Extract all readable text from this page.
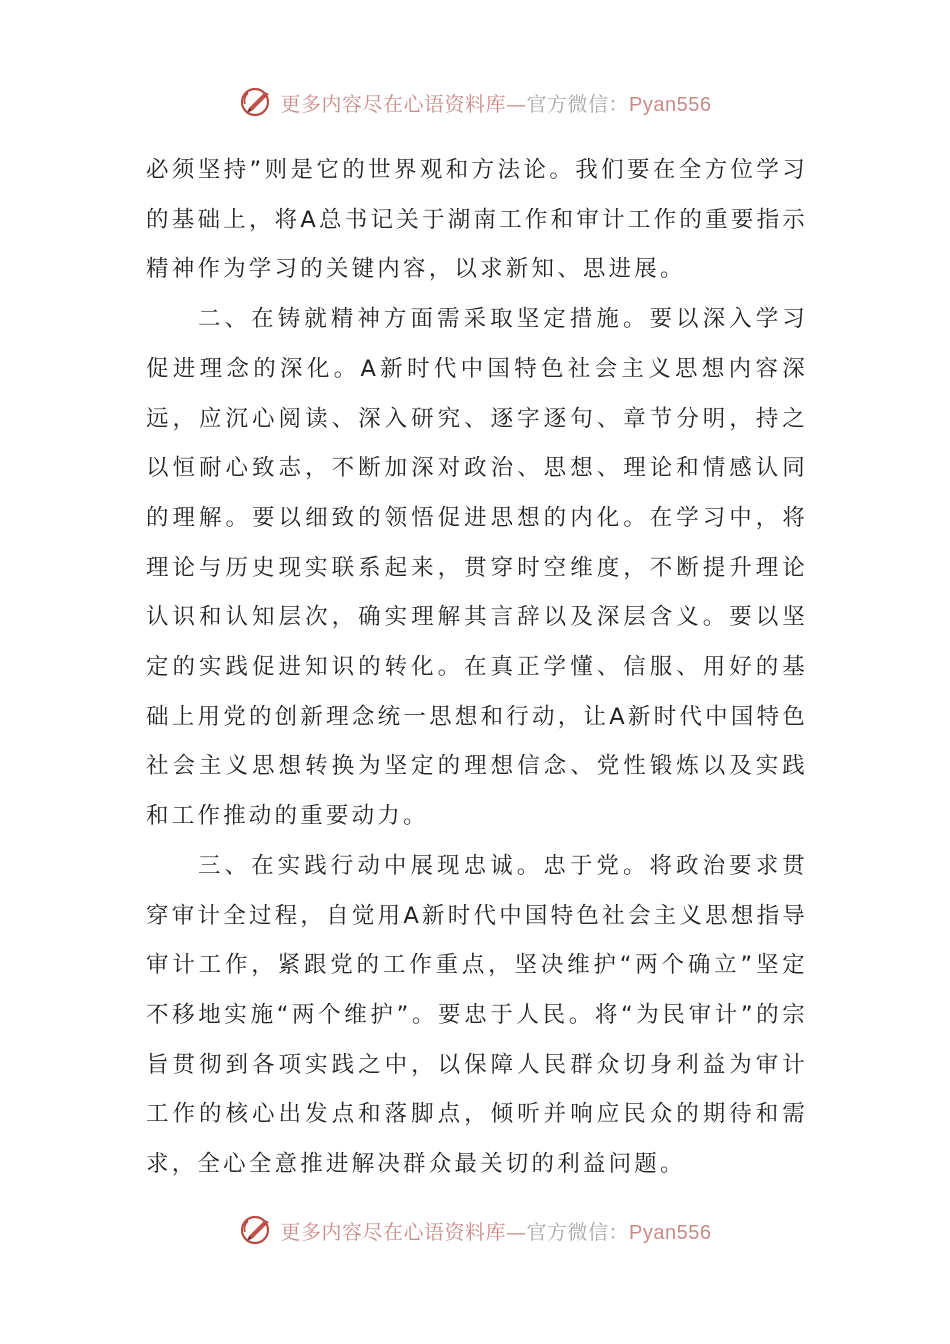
更多内容尽在心语资料库—官方微信：Pyan556

必须坚持”则是它的世界观和方法论。我们要在全方位学习的基础上，将A总书记关于湖南工作和审计工作的重要指示精神作为学习的关键内容，以求新知、思进展。

二、在铸就精神方面需采取坚定措施。要以深入学习促进理念的深化。A新时代中国特色社会主义思想内容深远，应沉心阅读、深入研究、逐字逐句、章节分明，持之以恒耐心致志，不断加深对政治、思想、理论和情感认同的理解。要以细致的领悟促进思想的内化。在学习中，将理论与历史现实联系起来，贯穿时空维度，不断提升理论认识和认知层次，确实理解其言辞以及深层含义。要以坚定的实践促进知识的转化。在真正学懂、信服、用好的基础上用党的创新理念统一思想和行动，让A新时代中国特色社会主义思想转换为坚定的理想信念、党性锻炼以及实践和工作推动的重要动力。

三、在实践行动中展现忠诚。忠于党。将政治要求贯穿审计全过程，自觉用A新时代中国特色社会主义思想指导审计工作，紧跟党的工作重点，坚决维护“两个确立”坚定不移地实施“两个维护”。要忠于人民。将“为民审计”的宗旨贯彻到各项实践之中，以保障人民群众切身利益为审计工作的核心出发点和落脚点，倾听并响应民众的期待和需求，全心全意推进解决群众最关切的利益问题。

更多内容尽在心语资料库—官方微信：Pyan556
